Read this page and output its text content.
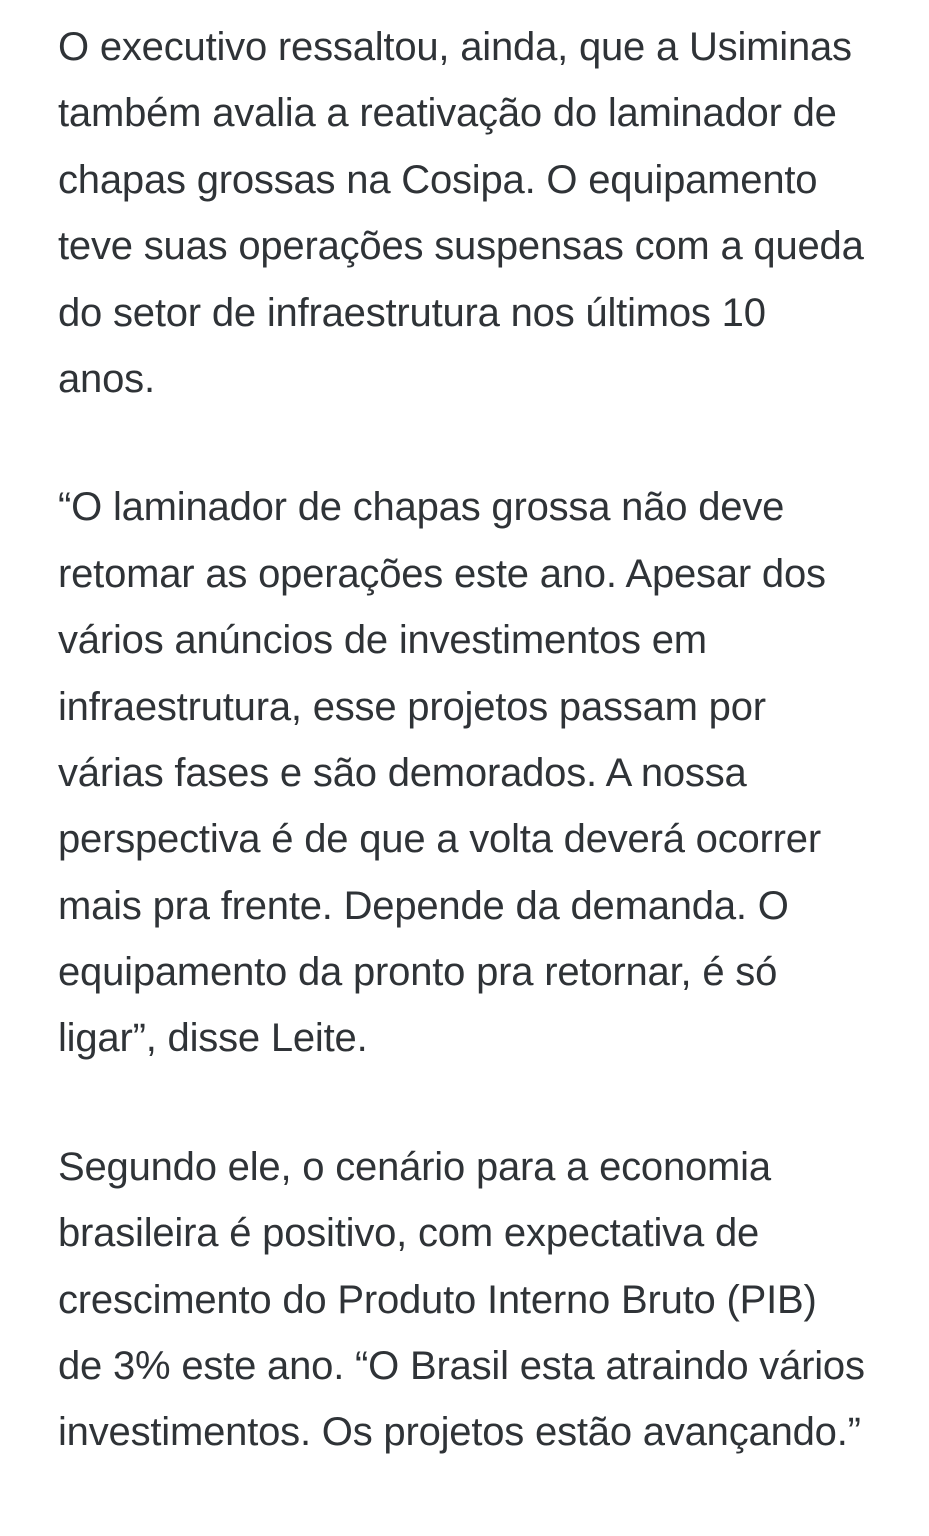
O executivo ressaltou, ainda, que a Usiminas também avalia a reativação do laminador de chapas grossas na Cosipa. O equipamento teve suas operações suspensas com a queda do setor de infraestrutura nos últimos 10 anos.

“O laminador de chapas grossa não deve retomar as operações este ano. Apesar dos vários anúncios de investimentos em infraestrutura, esse projetos passam por várias fases e são demorados. A nossa perspectiva é de que a volta deverá ocorrer mais pra frente. Depende da demanda. O equipamento da pronto pra retornar, é só ligar”, disse Leite.

Segundo ele, o cenário para a economia brasileira é positivo, com expectativa de crescimento do Produto Interno Bruto (PIB) de 3% este ano. “O Brasil esta atraindo vários investimentos. Os projetos estão avançando.”
